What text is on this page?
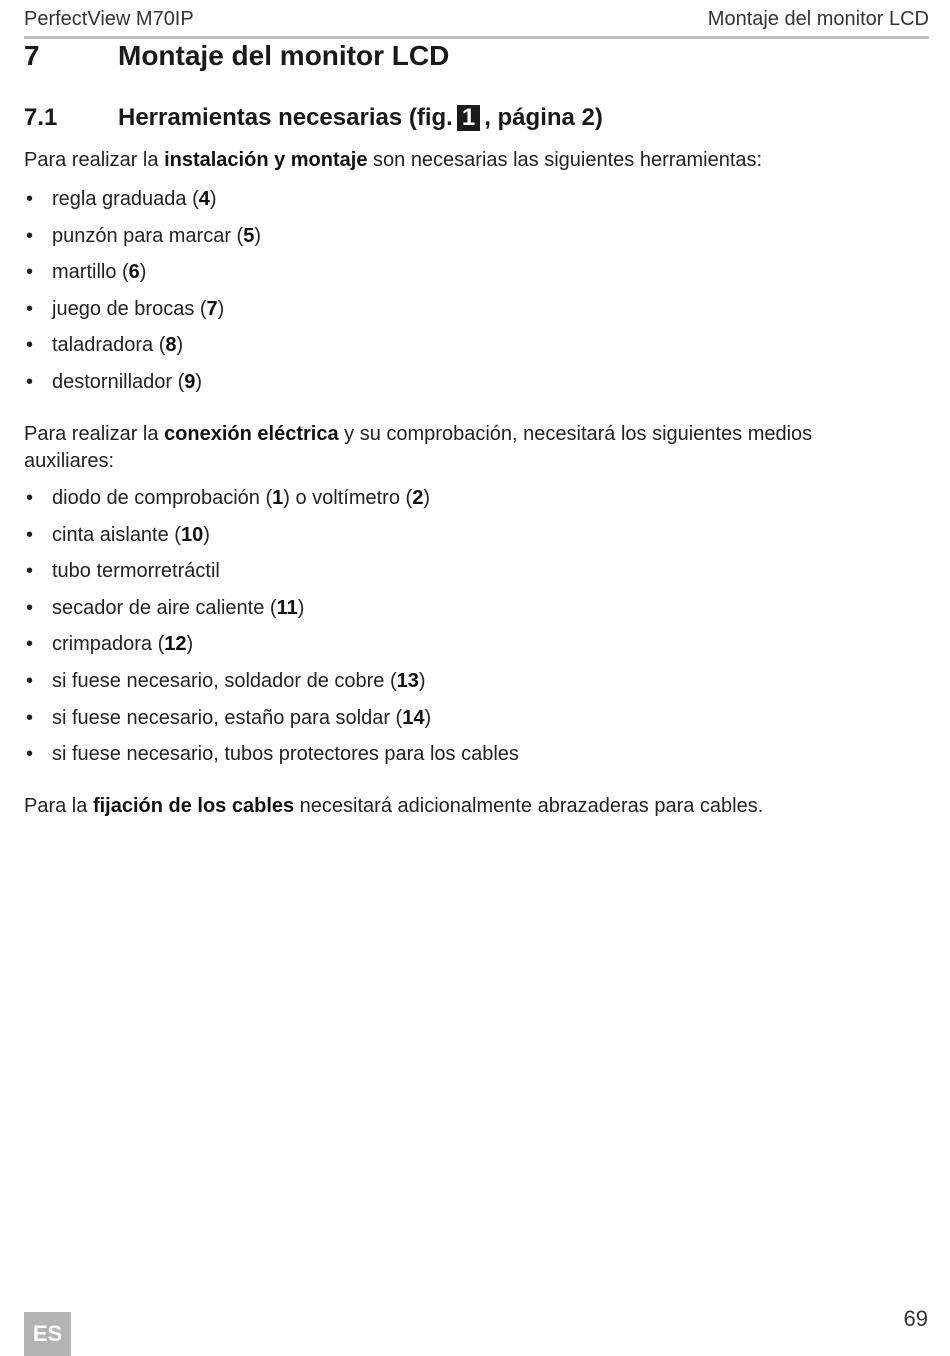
PerfectView M70IP	Montaje del monitor LCD
7	Montaje del monitor LCD
7.1	Herramientas necesarias (fig. 1 , página 2)

Para realizar la instalación y montaje son necesarias las siguientes herramientas:

• regla graduada (4)
• punzón para marcar (5)
• martillo (6)
• juego de brocas (7)
• taladradora (8)
• destornillador (9)

Para realizar la conexión eléctrica y su comprobación, necesitará los siguientes medios auxiliares:

• diodo de comprobación (1) o voltímetro (2)
• cinta aislante (10)
• tubo termorretráctil
• secador de aire caliente (11)
• crimpadora (12)
• si fuese necesario, soldador de cobre (13)
• si fuese necesario, estaño para soldar (14)
• si fuese necesario, tubos protectores para los cables

Para la fijación de los cables necesitará adicionalmente abrazaderas para cables.

ES
69
